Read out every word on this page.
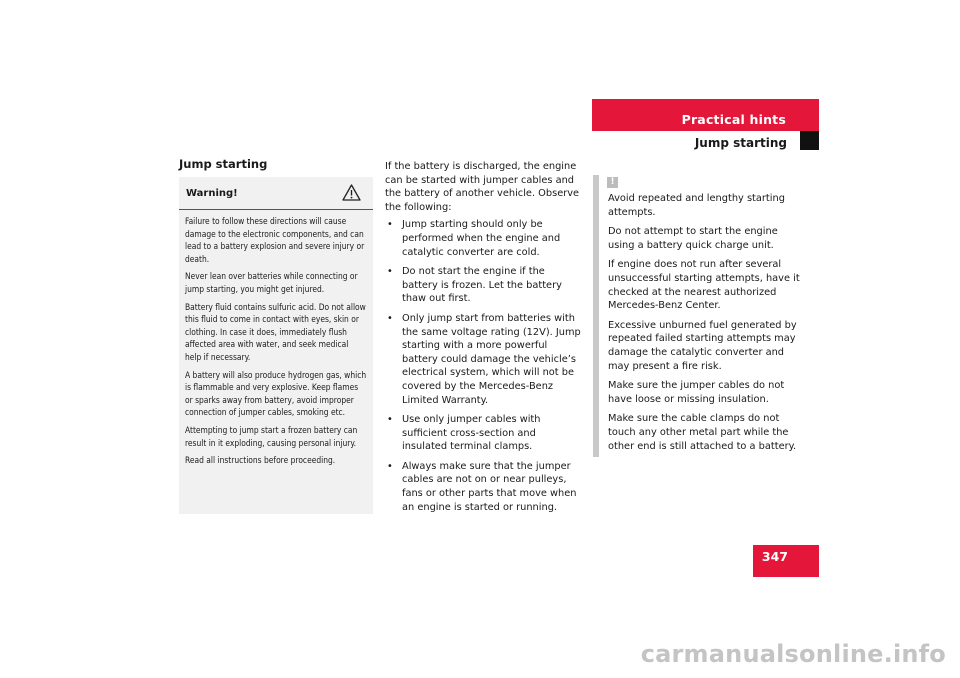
Practical hints
Jump starting
Jump starting
Warning!

Failure to follow these directions will cause damage to the electronic components, and can lead to a battery explosion and severe injury or death.

Never lean over batteries while connecting or jump starting, you might get injured.

Battery fluid contains sulfuric acid. Do not allow this fluid to come in contact with eyes, skin or clothing. In case it does, immediately flush affected area with water, and seek medical help if necessary.

A battery will also produce hydrogen gas, which is flammable and very explosive. Keep flames or sparks away from battery, avoid improper connection of jumper cables, smoking etc.

Attempting to jump start a frozen battery can result in it exploding, causing personal injury.

Read all instructions before proceeding.

If the battery is discharged, the engine can be started with jumper cables and the battery of another vehicle. Observe the following:

• Jump starting should only be performed when the engine and catalytic converter are cold.
• Do not start the engine if the battery is frozen. Let the battery thaw out first.
• Only jump start from batteries with the same voltage rating (12V). Jump starting with a more powerful battery could damage the vehicle’s electrical system, which will not be covered by the Mercedes-Benz Limited Warranty.
• Use only jumper cables with sufficient cross-section and insulated terminal clamps.
• Always make sure that the jumper cables are not on or near pulleys, fans or other parts that move when an engine is started or running.
!

Avoid repeated and lengthy starting attempts.

Do not attempt to start the engine using a battery quick charge unit.

If engine does not run after several unsuccessful starting attempts, have it checked at the nearest authorized Mercedes-Benz Center.

Excessive unburned fuel generated by repeated failed starting attempts may damage the catalytic converter and may present a fire risk.

Make sure the jumper cables do not have loose or missing insulation.

Make sure the cable clamps do not touch any other metal part while the other end is still attached to a battery.

347
carmanualsonline.info
